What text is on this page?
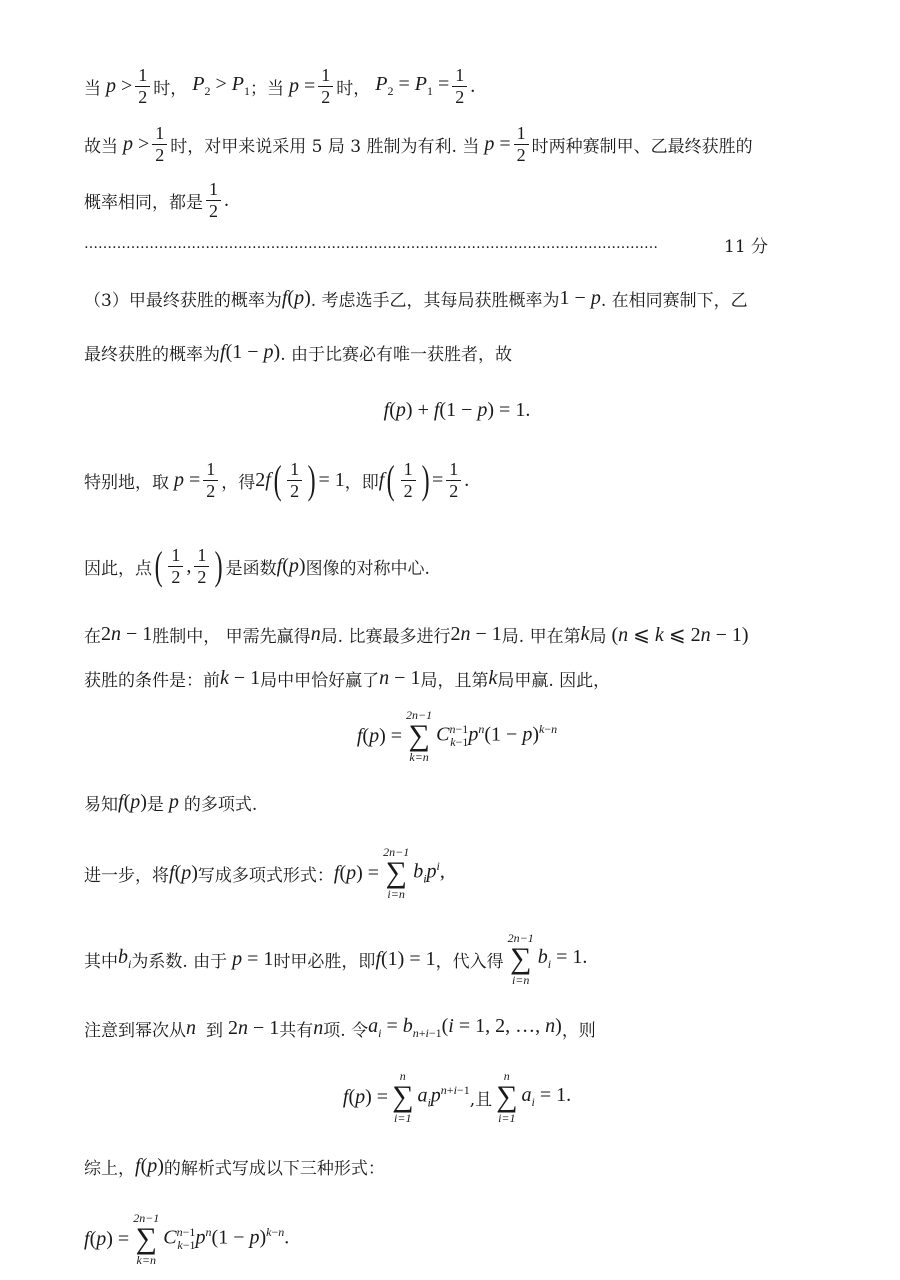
当 p > 1
2 时， $P_2 > P_1$ ；当 $p = \frac{1}{2}$ 时， $P_2 = P_1 = \frac{1}{2}$ .
故当 p > 1
2 时，对甲来说采用 5 局 3 胜制为有利. 当 $p = \frac{1}{2}$ 时两种赛制甲、乙最终获胜的
概率相同，都是
1
2 .
……………………………………………………………………………………………………………	11 分
（3）甲最终获胜的概率为 f(p) . 考虑选手乙，其每局获胜概率为 1 − p . 在相同赛制下，乙
最终获胜的概率为 f(1 − p) . 由于比赛必有唯一获胜者，故
f(p) + f(1 − p) = 1.
特别地，取 $p = \frac{1}{2}$ ，得 2f ( 1
2 ) = 1 ，即 f ( 1
2 ) = $\frac{1}{2}$ .
因此，点 ( 1
2 , 1
2 ) 是函数 f(p) 图像的对称中心.
在 2n − 1 胜制中， 甲需先赢得 n 局. 比赛最多进行 2n − 1 局. 甲在第 k 局 (n ⩽ k ⩽ 2n − 1)
获胜的条件是：前 k − 1 局中甲恰好赢了 n − 1 局，且第 k 局甲赢. 因此，
f(p) =
2n−1
∑
k=n
$C^{n-1}_{k-1}p^n(1 - p)^{k-n}$
易知 f(p) 是 p 的多项式.
进一步，将 f(p) 写成多项式形式： f(p) =
2n−1
∑
i=n
$b_ip^i$,
其中 $b_i$ 为系数. 由于 p = 1 时甲必胜，即 f(1) = 1 ，代入得
2n−1
∑
i=n
$b_i = 1$.
注意到幂次从 n 到 2n − 1 共有 n 项. 令 $a_i = b_{n+i-1}(i = 1$, 2, …, n) ，则
f(p) =
n
∑
i=1
$a_ip^{n+i-1}$ ,且
n
∑
i=1
$a_i = 1$.
综上， f(p) 的解析式写成以下三种形式：
f(p) =
2n−1
∑
k=n
$C^{n-1}_{k-1}p^n(1 - p)^{k-n}$.
